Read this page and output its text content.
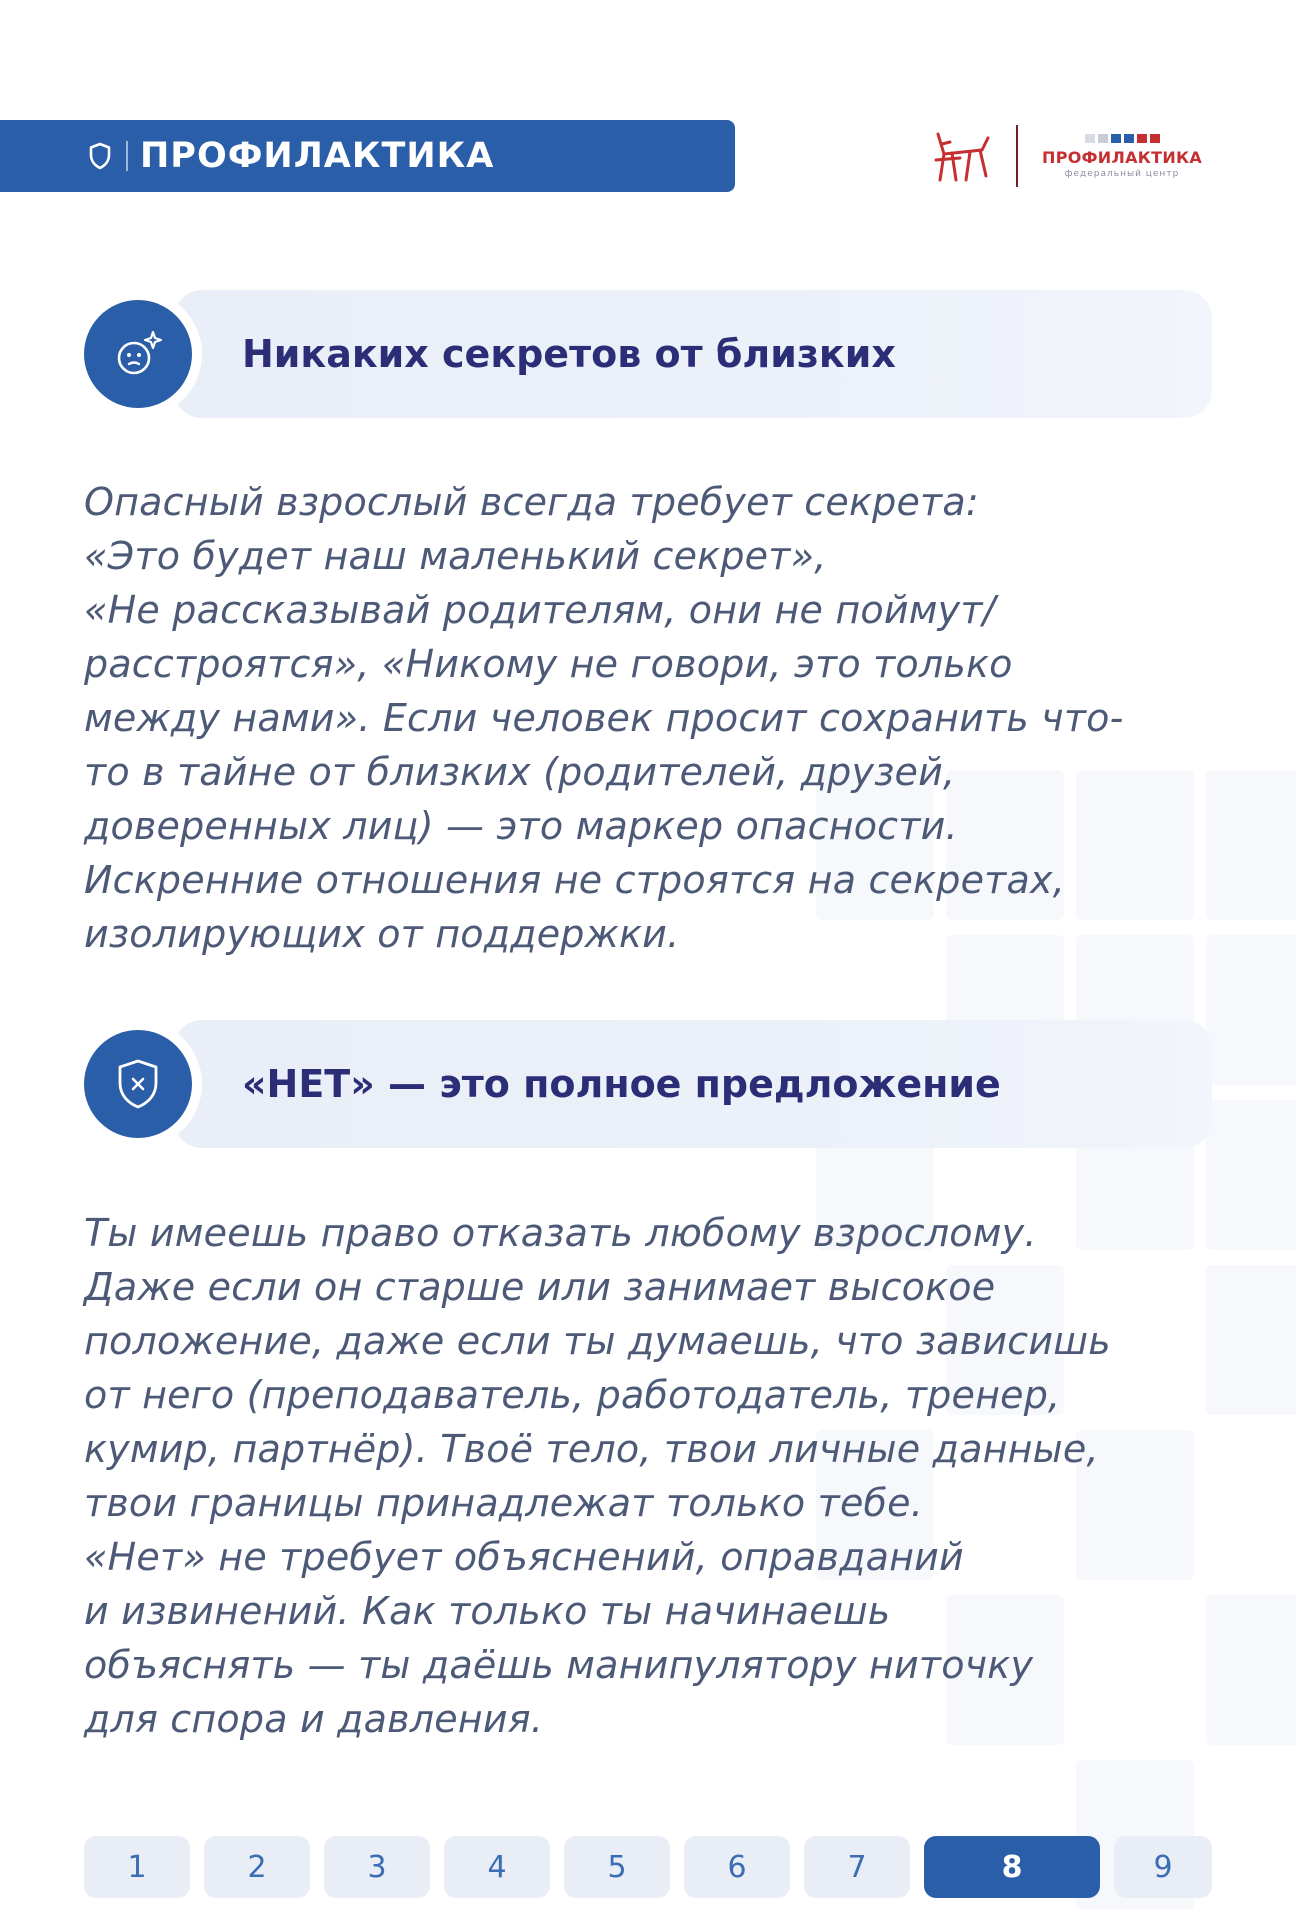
ПРОФИЛАКТИКА	ПРОФИЛАКТИКА
федеральный центр
Никаких секретов от близких
Опасный взрослый всегда требует секрета:
«Это будет наш маленький секрет»,
«Не рассказывай родителям, они не поймут/
расстроятся», «Никому не говори, это только
между нами». Если человек просит сохранить что-
то в тайне от близких (родителей, друзей,
доверенных лиц) — это маркер опасности.
Искренние отношения не строятся на секретах,
изолирующих от поддержки.
«НЕТ» — это полное предложение
Ты имеешь право отказать любому взрослому.
Даже если он старше или занимает высокое
положение, даже если ты думаешь, что зависишь
от него (преподаватель, работодатель, тренер,
кумир, партнёр). Твоё тело, твои личные данные,
твои границы принадлежат только тебе.
«Нет» не требует объяснений, оправданий
и извинений. Как только ты начинаешь
объяснять — ты даёшь манипулятору ниточку
для спора и давления.
1	2	3	4	5	6	7	8	9
